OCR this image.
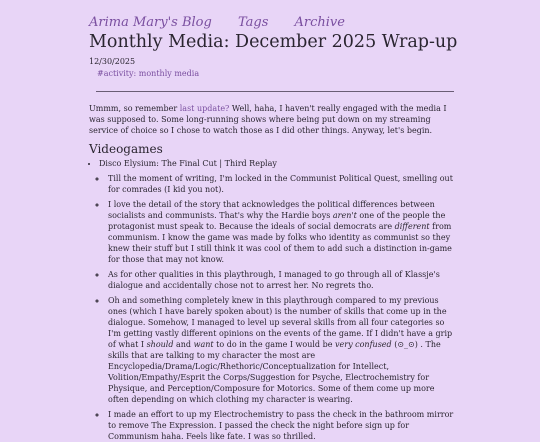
Arima Mary's Blog Tags Archive
Monthly Media: December 2025 Wrap-up
12/30/2025
#activity: monthly media

Ummm, so remember last update? Well, haha, I haven't really engaged with the media I was supposed to. Some long-running shows where being put down on my streaming service of choice so I chose to watch those as I did other things. Anyway, let's begin.

Videogames
• Disco Elysium: The Final Cut | Third Replay
◦ Till the moment of writing, I'm locked in the Communist Political Quest, smelling out for comrades (I kid you not).
◦ I love the detail of the story that acknowledges the political differences between socialists and communists. That's why the Hardie boys aren't one of the people the protagonist must speak to. Because the ideals of social democrats are different from communism. I know the game was made by folks who identity as communist so they knew their stuff but I still think it was cool of them to add such a distinction in-game for those that may not know.
◦ As for other qualities in this playthrough, I managed to go through all of Klassje's dialogue and accidentally chose not to arrest her. No regrets tho.
◦ Oh and something completely knew in this playthrough compared to my previous ones (which I have barely spoken about) is the number of skills that come up in the dialogue. Somehow, I managed to level up several skills from all four categories so I'm getting vastly different opinions on the events of the game. If I didn't have a grip of what I should and want to do in the game I would be very confused (⊙_⊙) . The skills that are talking to my character the most are Encyclopedia/Drama/Logic/Rhethoric/Conceptualization for Intellect, Volition/Empathy/Esprit the Corps/Suggestion for Psyche, Electrochemistry for Physique, and Perception/Composure for Motorics. Some of them come up more often depending on which clothing my character is wearing.
◦ I made an effort to up my Electrochemistry to pass the check in the bathroom mirror to remove The Expression. I passed the check the night before sign up for Communism haha. Feels like fate. I was so thrilled.
